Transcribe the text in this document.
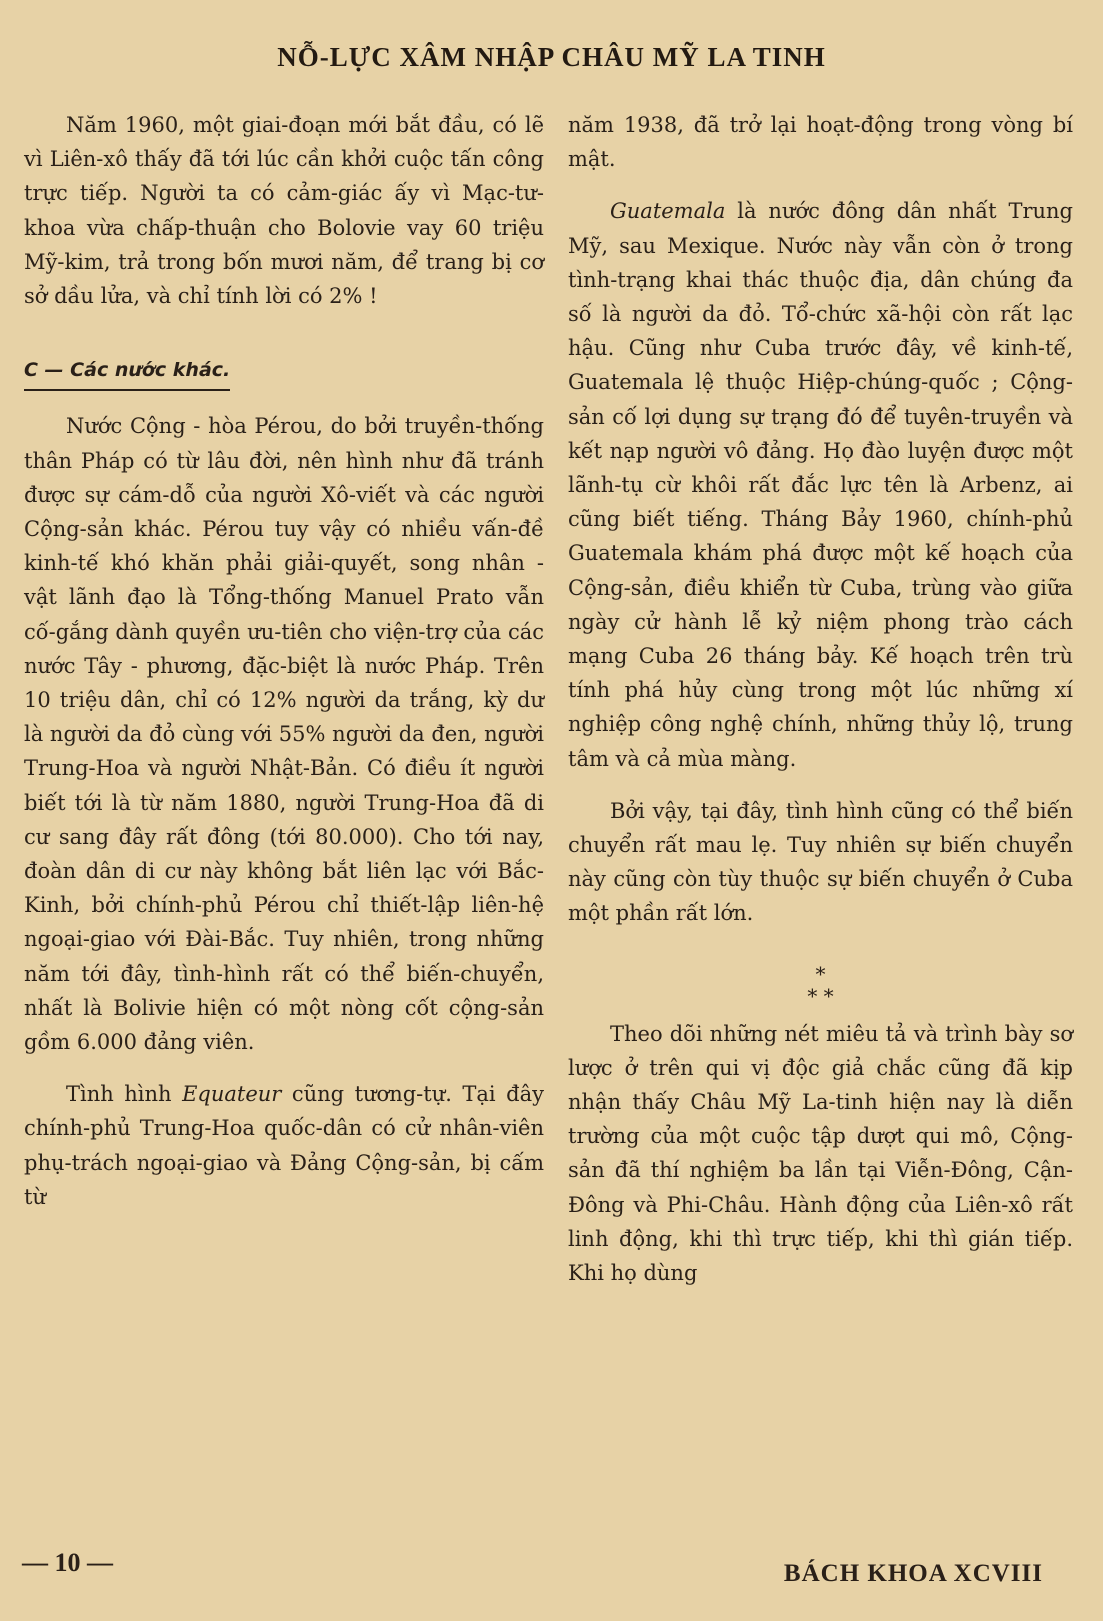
NỖ-LỰC XÂM NHẬP CHÂU MỸ LA TINH

Năm 1960, một giai-đoạn mới bắt đầu, có lẽ vì Liên-xô thấy đã tới lúc cần khởi cuộc tấn công trực tiếp. Người ta có cảm-giác ấy vì Mạc-tư-khoa vừa chấp-thuận cho Bolovie vay 60 triệu Mỹ-kim, trả trong bốn mươi năm, để trang bị cơ sở dầu lửa, và chỉ tính lời có 2% !

C — Các nước khác.

Nước Cộng - hòa Pérou, do bởi truyền-thống thân Pháp có từ lâu đời, nên hình như đã tránh được sự cám-dỗ của người Xô-viết và các người Cộng-sản khác. Pérou tuy vậy có nhiều vấn-đề kinh-tế khó khăn phải giải-quyết, song nhân - vật lãnh đạo là Tổng-thống Manuel Prato vẫn cố-gắng dành quyền ưu-tiên cho viện-trợ của các nước Tây - phương, đặc-biệt là nước Pháp. Trên 10 triệu dân, chỉ có 12% người da trắng, kỳ dư là người da đỏ cùng với 55% người da đen, người Trung-Hoa và người Nhật-Bản. Có điều ít người biết tới là từ năm 1880, người Trung-Hoa đã di cư sang đây rất đông (tới 80.000). Cho tới nay, đoàn dân di cư này không bắt liên lạc với Bắc-Kinh, bởi chính-phủ Pérou chỉ thiết-lập liên-hệ ngoại-giao với Đài-Bắc. Tuy nhiên, trong những năm tới đây, tình-hình rất có thể biến-chuyển, nhất là Bolivie hiện có một nòng cốt cộng-sản gồm 6.000 đảng viên.

Tình hình Equateur cũng tương-tự. Tại đây chính-phủ Trung-Hoa quốc-dân có cử nhân-viên phụ-trách ngoại-giao và Đảng Cộng-sản, bị cấm từ

năm 1938, đã trở lại hoạt-động trong vòng bí mật.

Guatemala là nước đông dân nhất Trung Mỹ, sau Mexique. Nước này vẫn còn ở trong tình-trạng khai thác thuộc địa, dân chúng đa số là người da đỏ. Tổ-chức xã-hội còn rất lạc hậu. Cũng như Cuba trước đây, về kinh-tế, Guatemala lệ thuộc Hiệp-chúng-quốc ; Cộng-sản cố lợi dụng sự trạng đó để tuyên-truyền và kết nạp người vô đảng. Họ đào luyện được một lãnh-tụ cừ khôi rất đắc lực tên là Arbenz, ai cũng biết tiếng. Tháng Bảy 1960, chính-phủ Guatemala khám phá được một kế hoạch của Cộng-sản, điều khiển từ Cuba, trùng vào giữa ngày cử hành lễ kỷ niệm phong trào cách mạng Cuba 26 tháng bảy. Kế hoạch trên trù tính phá hủy cùng trong một lúc những xí nghiệp công nghệ chính, những thủy lộ, trung tâm và cả mùa màng.

Bởi vậy, tại đây, tình hình cũng có thể biến chuyển rất mau lẹ. Tuy nhiên sự biến chuyển này cũng còn tùy thuộc sự biến chuyển ở Cuba một phần rất lớn.

*
* *

Theo dõi những nét miêu tả và trình bày sơ lược ở trên qui vị độc giả chắc cũng đã kịp nhận thấy Châu Mỹ La-tinh hiện nay là diễn trường của một cuộc tập dượt qui mô, Cộng-sản đã thí nghiệm ba lần tại Viễn-Đông, Cận-Đông và Phi-Châu. Hành động của Liên-xô rất linh động, khi thì trực tiếp, khi thì gián tiếp. Khi họ dùng

— 10 —	BÁCH KHOA XCVIII
